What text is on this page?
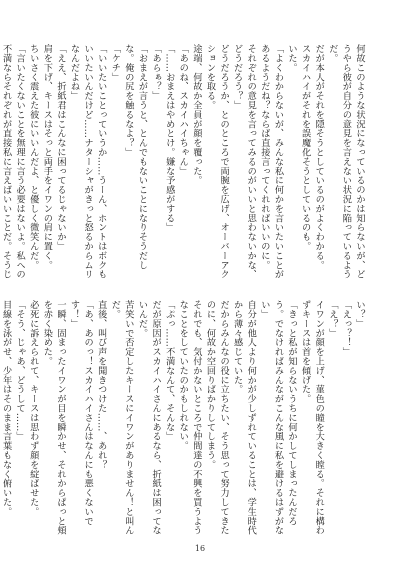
何故このような状況になっているのかは知らないが、どうやら彼が自分の意見を言えない状況に陥っているようだ。
だが本人がそれを隠そうとしているのがよくわかる。
スカイハイがそれを誤魔化そうとしているのも。
いた。
「よくわからないが、みんな私に何かを言いたいことがあるようだね？ならば直接言ってくれればいいのに。
それぞれの意見を言ってみるのがいいと思わないかな、どうだろう？」
どうだろうか、とのところで両腕を広げ、オーバーアクションを取る。
途端、何故か全員が顔を覆った。
「あのね、スカイハイちゃん」
「……おまえはやめとけ。嫌な予感がする」
「あらぁ？」
「おまえが言うと、とんでもないことになりそうだしな。俺の尻を触るなよ？」
「ケチ」
「いいたいことっていうか……うーん、ホントはボクもいいたいんだけど……ナターシャがきっと怒るからムリなんだよね」
「ええ、折紙君はこんなに困ってるじゃないか」
肩を下げ、キースはそっと両手をイワンの肩に置く。
ちいさく震えた彼にいいんだよ、と優しく微笑んだ。
「言いたくないことを無理に言う必要はないよ。私への不満ならそれぞれが直接私に言えばいいことだ。そうじ
い？」
「えっ？！」
「え？」
イワンが顔を上げ、菫色の瞳を大きく瞠る。それに構わずキースは首を傾げた。
「きっと私が知らないうちに何かしてしまったんだろう。でなければみんながこんな風に私を避けるはずがない」
自分が他人より何かが少しずれていることは、学生時代から薄々感じていた。
だからみんなの役に立ちたい、そう思って努力してきたのに、何故か空回りばかりしてしまう。
それでも、気付かないところで仲間達の不興を買うようなことをしていたのかもしれない。
「ぷっ……不満なんて、そんな」
だが原因がスカイハイさんにあるなら、折紙は困ってないんだ。
苦笑いで否定したキースにイワンがありません！と叫んだ。
直後、叫び声を聞きつけた……、あれ？
「あ、あのっ！スカイハイさんはなんにも悪くないです！」
一瞬、固まったイワンが目を瞬かせ、それからぱっと頬を赤く染めた。
必死に訴えられて、キースは思わず顔を綻ばせた。
「そう、じゃあ、どうして……」
目線を泳がせ、少年はそのまま言葉もなく俯いた。

16
